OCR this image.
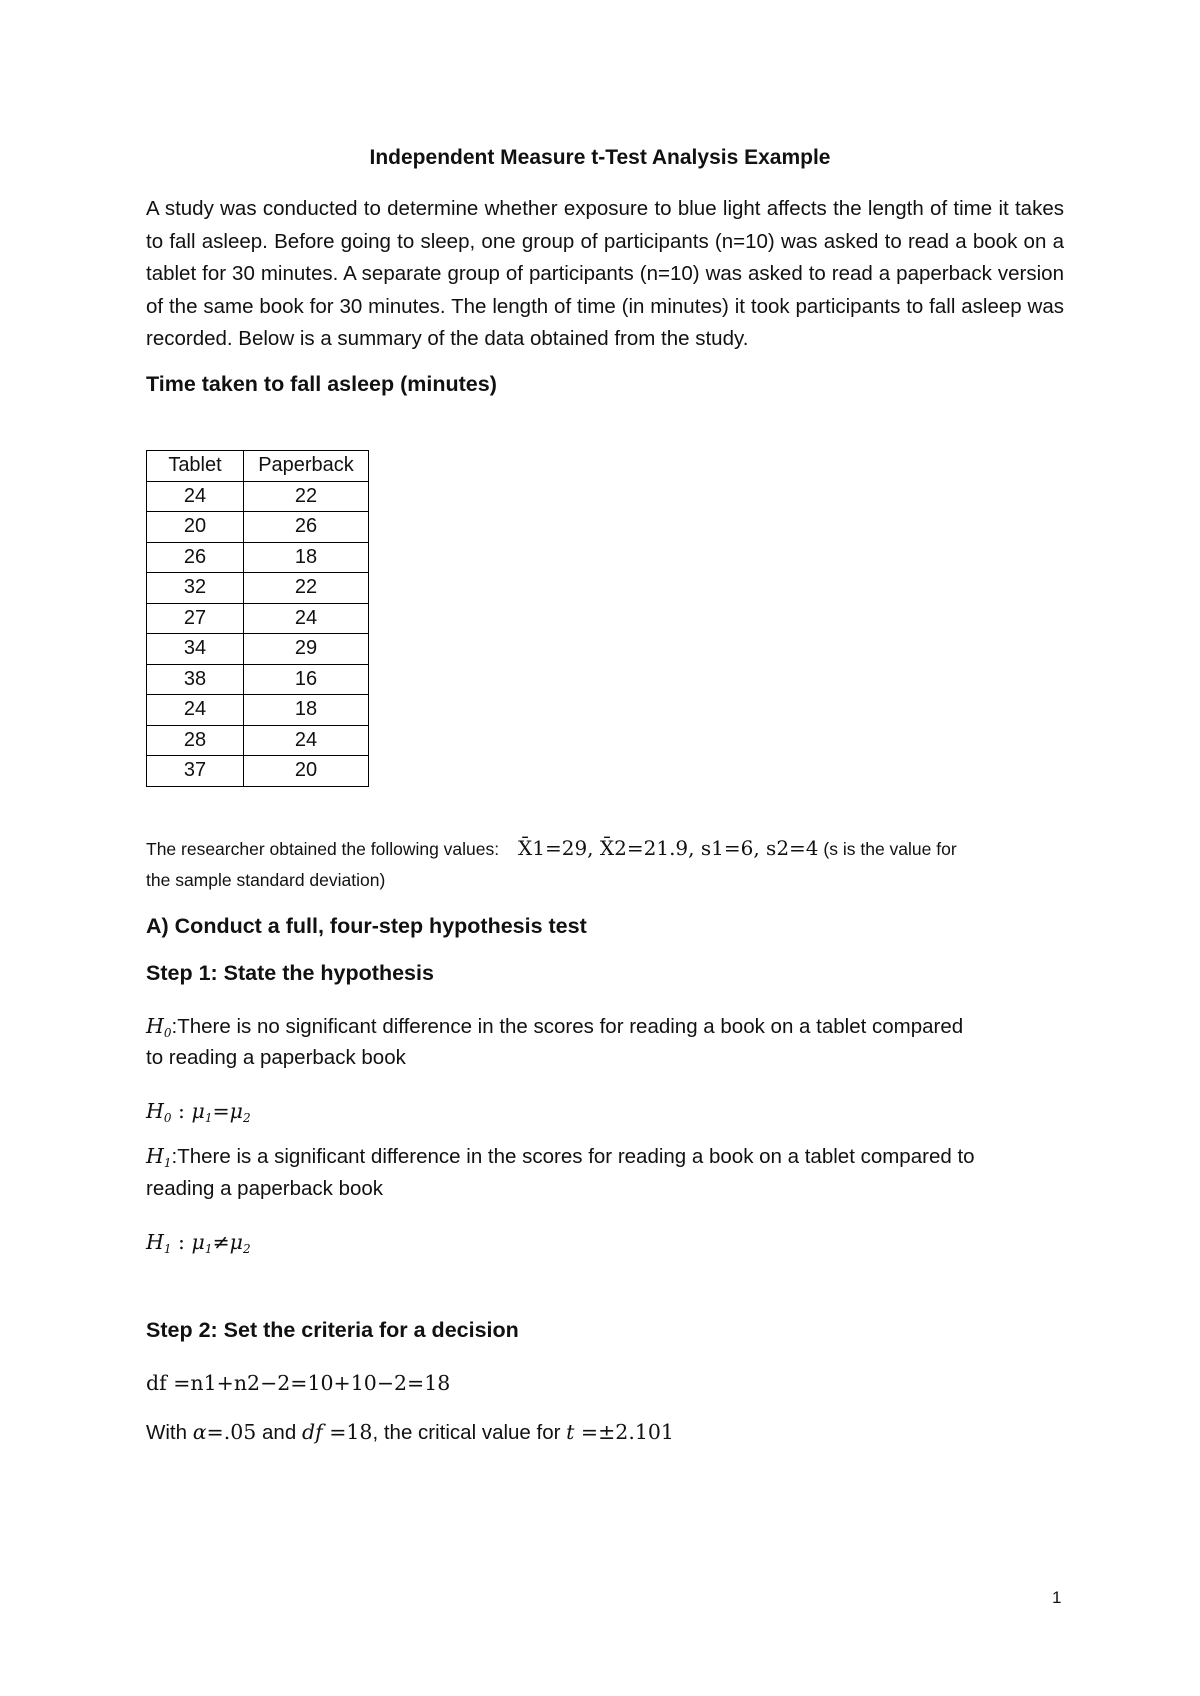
Independent Measure t-Test Analysis Example

A study was conducted to determine whether exposure to blue light affects the length of time it takes to fall asleep. Before going to sleep, one group of participants (n=10) was asked to read a book on a tablet for 30 minutes. A separate group of participants (n=10) was asked to read a paperback version of the same book for 30 minutes. The length of time (in minutes) it took participants to fall asleep was recorded. Below is a summary of the data obtained from the study.

Time taken to fall asleep (minutes)

Tablet	Paperback
24	22
20	26
26	18
32	22
27	24
34	29
38	16
24	18
28	24
37	20

The researcher obtained the following values: X̄1=29, X̄2=21.9, s1=6, s2=4 (s is the value for

the sample standard deviation)

A) Conduct a full, four-step hypothesis test

Step 1: State the hypothesis

$H_0:There$ is no significant difference in the scores for reading a book on a tablet compared

to reading a paperback book

$H_0$ : $\mu_1=\mu_2$

$H_1:There$ is a significant difference in the scores for reading a book on a tablet compared to

reading a paperback book

$H_1$ : $\mu_1\ne\mu_2$

Step 2: Set the criteria for a decision

df =n1+n2−2=10+10−2=18

With α=.05 and df =18, the critical value for t =±2.101

1
